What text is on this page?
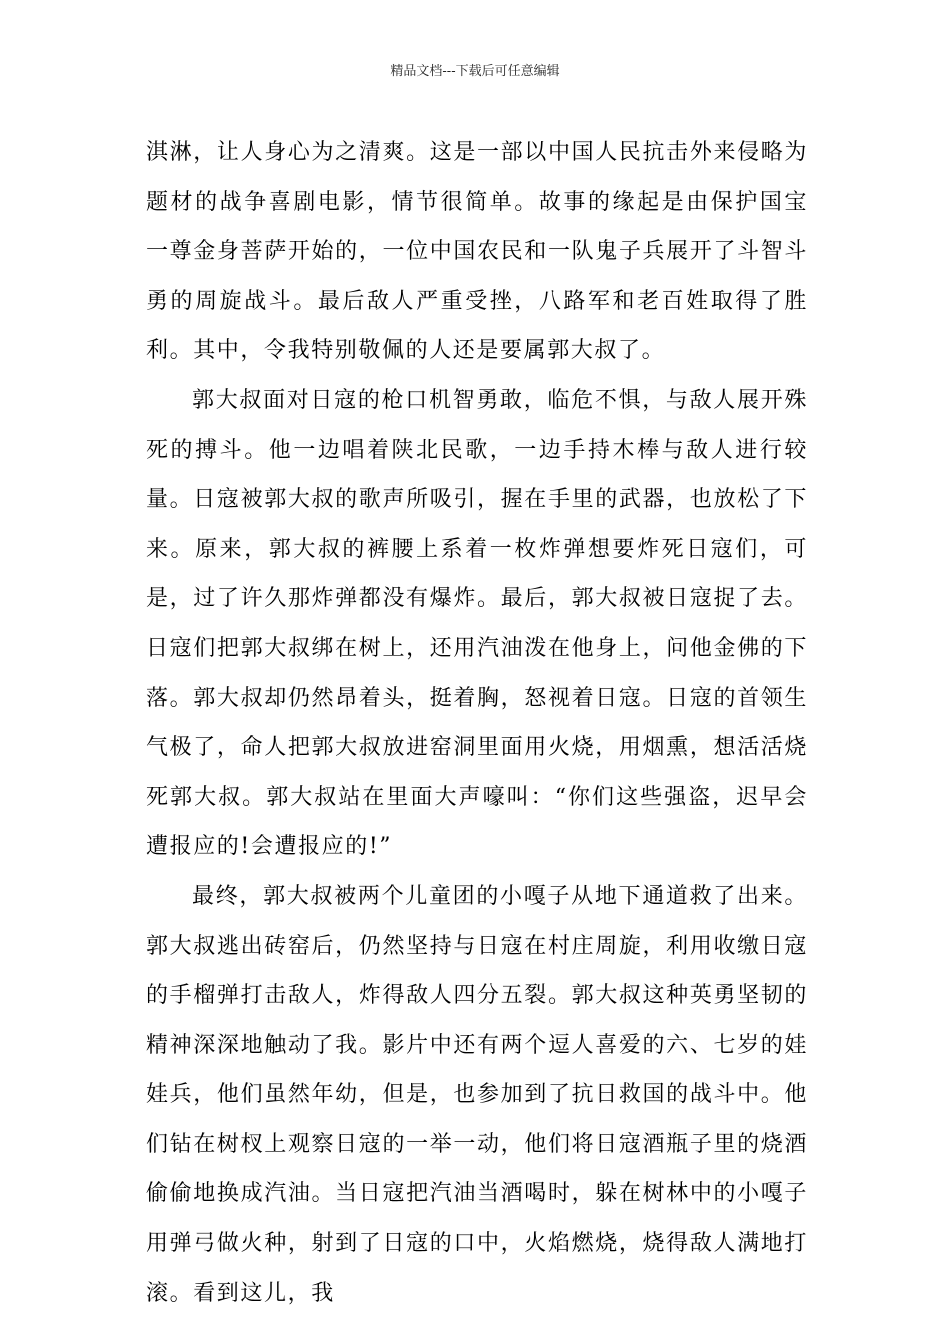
精品文档---下载后可任意编辑

淇淋，让人身心为之清爽。这是一部以中国人民抗击外来侵略为题材的战争喜剧电影，情节很简单。故事的缘起是由保护国宝 一尊金身菩萨开始的，一位中国农民和一队鬼子兵展开了斗智斗勇的周旋战斗。最后敌人严重受挫，八路军和老百姓取得了胜利。其中，令我特别敬佩的人还是要属郭大叔了。

郭大叔面对日寇的枪口机智勇敢，临危不惧，与敌人展开殊死的搏斗。他一边唱着陕北民歌，一边手持木棒与敌人进行较量。日寇被郭大叔的歌声所吸引，握在手里的武器，也放松了下来。原来，郭大叔的裤腰上系着一枚炸弹想要炸死日寇们，可是，过了许久那炸弹都没有爆炸。最后，郭大叔被日寇捉了去。日寇们把郭大叔绑在树上，还用汽油泼在他身上，问他金佛的下落。郭大叔却仍然昂着头，挺着胸，怒视着日寇。日寇的首领生气极了，命人把郭大叔放进窑洞里面用火烧，用烟熏，想活活烧死郭大叔。郭大叔站在里面大声嚎叫：“你们这些强盗，迟早会遭报应的!会遭报应的!”

最终，郭大叔被两个儿童团的小嘎子从地下通道救了出来。郭大叔逃出砖窑后，仍然坚持与日寇在村庄周旋，利用收缴日寇的手榴弹打击敌人，炸得敌人四分五裂。郭大叔这种英勇坚韧的精神深深地触动了我。影片中还有两个逗人喜爱的六、七岁的娃娃兵，他们虽然年幼，但是，也参加到了抗日救国的战斗中。他们钻在树杈上观察日寇的一举一动，他们将日寇酒瓶子里的烧酒偷偷地换成汽油。当日寇把汽油当酒喝时，躲在树林中的小嘎子用弹弓做火种，射到了日寇的口中，火焰燃烧，烧得敌人满地打滚。看到这儿，我
